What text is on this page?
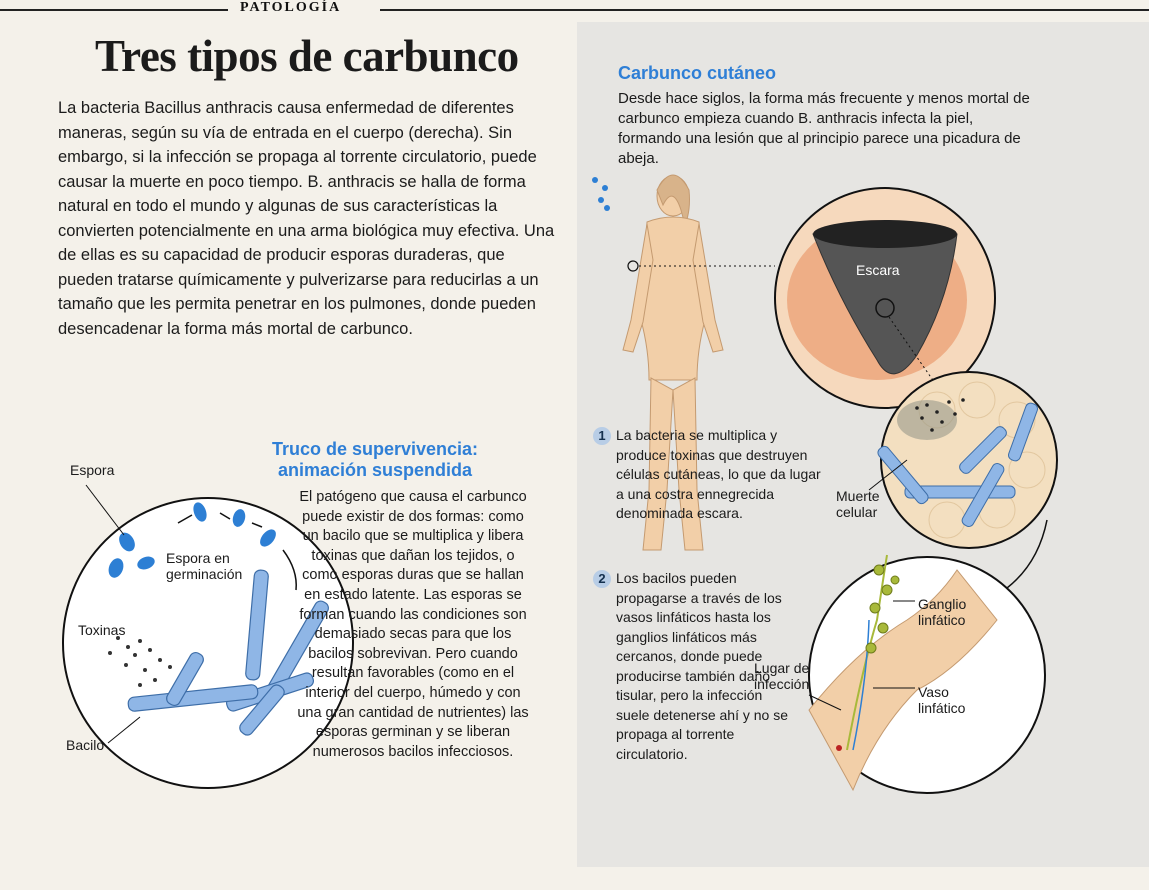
PATOLOGÍA
Tres tipos de carbunco

La bacteria Bacillus anthracis causa enfermedad de diferentes maneras, según su vía de entrada en el cuerpo (derecha). Sin embargo, si la infección se propaga al torrente circulatorio, puede causar la muerte en poco tiempo. B. anthracis se halla de forma natural en todo el mundo y algunas de sus características la convierten potencialmente en una arma biológica muy efectiva. Una de ellas es su capacidad de producir esporas duraderas, que pueden tratarse químicamente y pulverizarse para reducirlas a un tamaño que les permita penetrar en los pulmones, donde pueden desencadenar la forma más mortal de carbunco.

Truco de supervivencia:
animación suspendida
Espora
Espora en
germinación
Toxinas
Bacilo

El patógeno que causa el carbunco puede existir de dos formas: como un bacilo que se multiplica y libera toxinas que dañan los tejidos, o como esporas duras que se hallan en estado latente. Las esporas se forman cuando las condiciones son demasiado secas para que los bacilos sobrevivan. Pero cuando resultan favorables (como en el interior del cuerpo, húmedo y con una gran cantidad de nutrientes) las esporas germinan y se liberan numerosos bacilos infecciosos.

Carbunco cutáneo

Desde hace siglos, la forma más frecuente y menos mortal de carbunco empieza cuando B. anthracis infecta la piel, formando una lesión que al principio parece una picadura de abeja.

Escara
Muerte
celular
Ganglio
linfático
Lugar de
infección	Vaso
linfático
1 La bacteria se multiplica y produce toxinas que destruyen células cutáneas, lo que da lugar a una costra ennegrecida denominada escara.

2 Los bacilos pueden propagarse a través de los vasos linfáticos hasta los ganglios linfáticos más cercanos, donde puede producirse también daño tisular, pero la infección suele detenerse ahí y no se propaga al torrente circulatorio.
